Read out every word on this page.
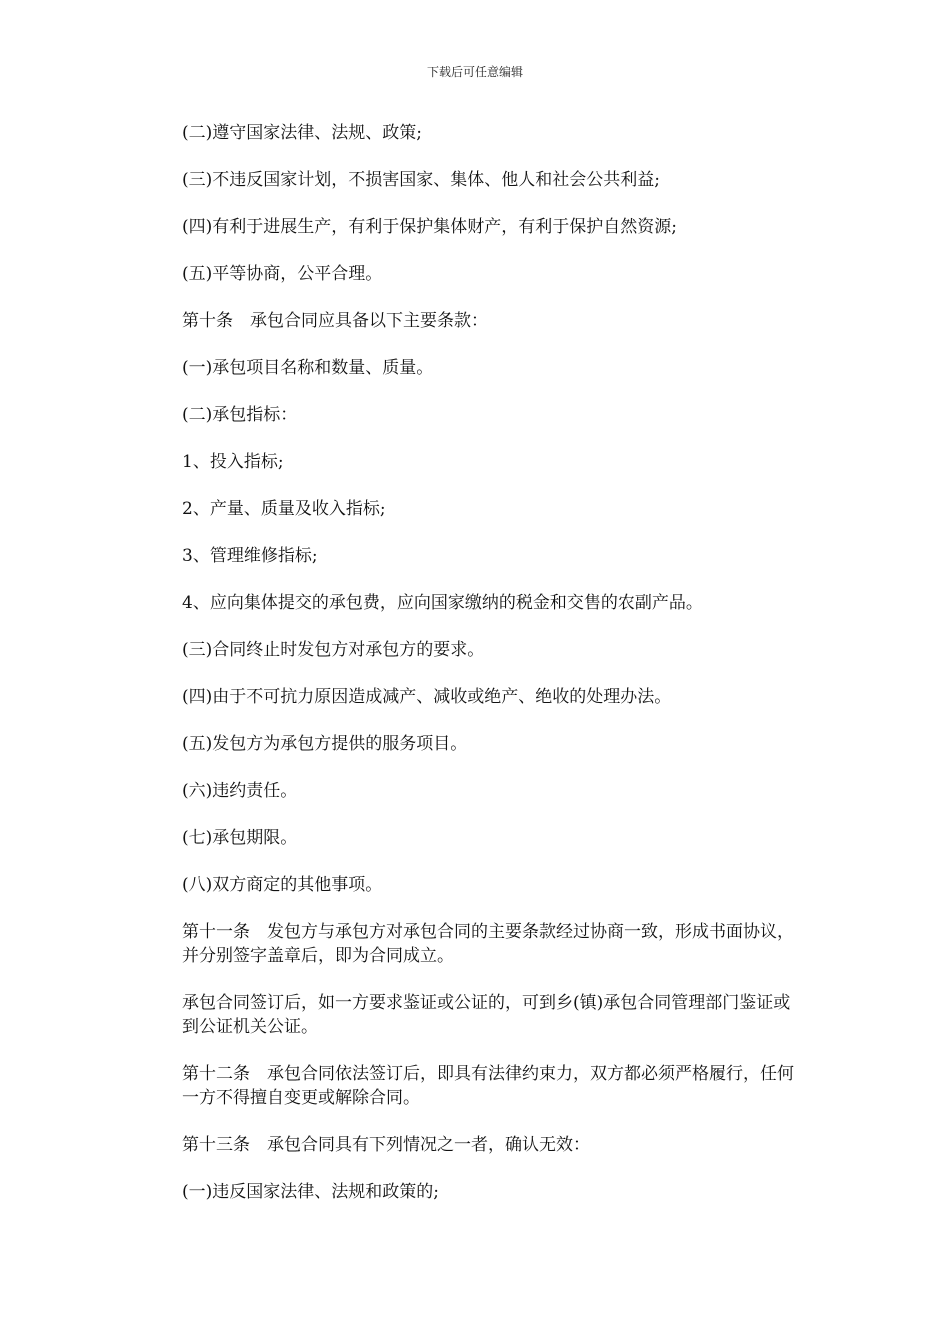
下载后可任意编辑

(二)遵守国家法律、法规、政策;

(三)不违反国家计划，不损害国家、集体、他人和社会公共利益;

(四)有利于进展生产，有利于保护集体财产，有利于保护自然资源;

(五)平等协商，公平合理。

第十条　承包合同应具备以下主要条款：

(一)承包项目名称和数量、质量。

(二)承包指标：

1、投入指标;

2、产量、质量及收入指标;

3、管理维修指标;

4、应向集体提交的承包费，应向国家缴纳的税金和交售的农副产品。

(三)合同终止时发包方对承包方的要求。

(四)由于不可抗力原因造成减产、减收或绝产、绝收的处理办法。

(五)发包方为承包方提供的服务项目。

(六)违约责任。

(七)承包期限。

(八)双方商定的其他事项。

第十一条　发包方与承包方对承包合同的主要条款经过协商一致，形成书面协议，并分别签字盖章后，即为合同成立。

承包合同签订后，如一方要求鉴证或公证的，可到乡(镇)承包合同管理部门鉴证或到公证机关公证。

第十二条　承包合同依法签订后，即具有法律约束力，双方都必须严格履行，任何一方不得擅自变更或解除合同。

第十三条　承包合同具有下列情况之一者，确认无效：

(一)违反国家法律、法规和政策的;
